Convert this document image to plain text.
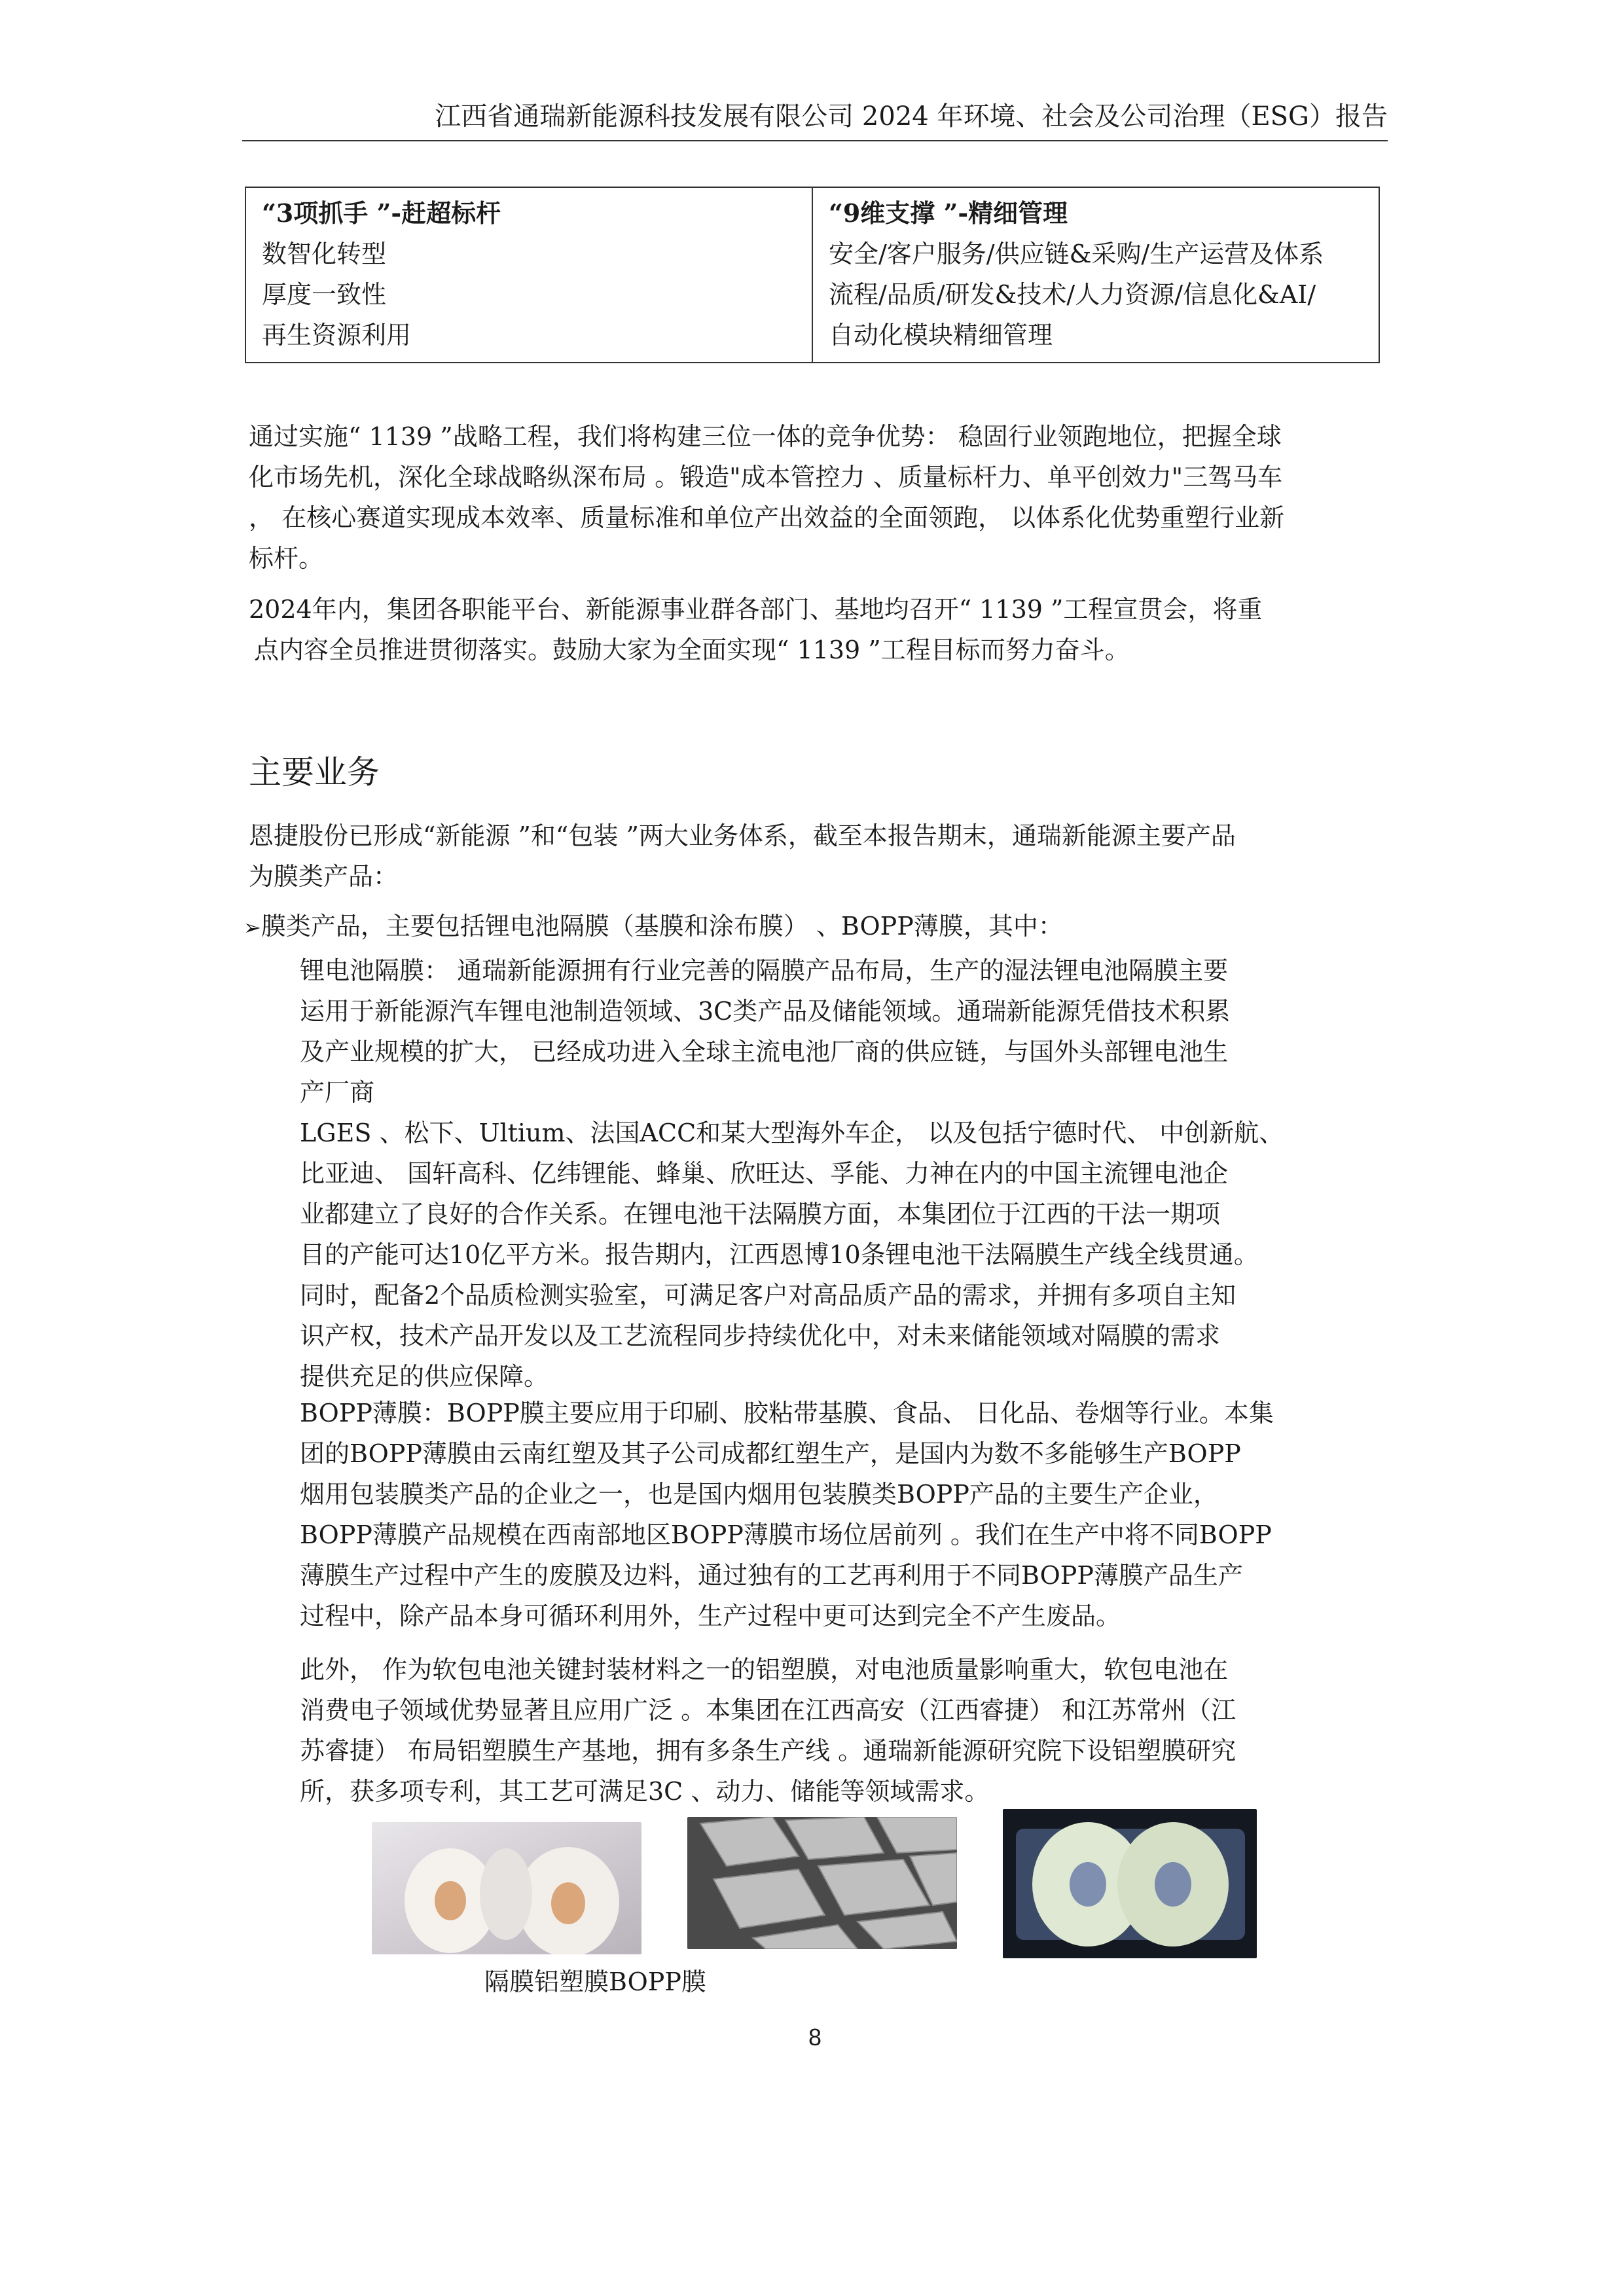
江西省通瑞新能源科技发展有限公司 2024 年环境、社会及公司治理（ESG）报告
“3项抓手 ”-赶超标杆
数智化转型
厚度一致性
再生资源利用

“9维支撑 ”-精细管理
安全/客户服务/供应链&采购/生产运营及体系
流程/品质/研发&技术/人力资源/信息化&AI/
自动化模块精细管理
通过实施“ 1139 ”战略工程，我们将构建三位一体的竞争优势： 稳固行业领跑地位，把握全球
化市场先机，深化全球战略纵深布局 。锻造"成本管控力 、质量标杆力、单平创效力"三驾马车
， 在核心赛道实现成本效率、质量标准和单位产出效益的全面领跑， 以体系化优势重塑行业新
标杆。
2024年内，集团各职能平台、新能源事业群各部门、基地均召开“ 1139 ”工程宣贯会，将重
点内容全员推进贯彻落实。鼓励大家为全面实现“ 1139 ”工程目标而努力奋斗。
主要业务
恩捷股份已形成“新能源 ”和“包装 ”两大业务体系，截至本报告期末，通瑞新能源主要产品
为膜类产品：
➢膜类产品，主要包括锂电池隔膜（基膜和涂布膜） 、BOPP薄膜，其中：
锂电池隔膜： 通瑞新能源拥有行业完善的隔膜产品布局，生产的湿法锂电池隔膜主要
运用于新能源汽车锂电池制造领域、3C类产品及储能领域。通瑞新能源凭借技术积累
及产业规模的扩大， 已经成功进入全球主流电池厂商的供应链，与国外头部锂电池生
产厂商
LGES 、松下、Ultium、法国ACC和某大型海外车企， 以及包括宁德时代、 中创新航、
比亚迪、 国轩高科、亿纬锂能、蜂巢、欣旺达、孚能、力神在内的中国主流锂电池企
业都建立了良好的合作关系。在锂电池干法隔膜方面，本集团位于江西的干法一期项
目的产能可达10亿平方米。报告期内，江西恩博10条锂电池干法隔膜生产线全线贯通。
同时，配备2个品质检测实验室，可满足客户对高品质产品的需求，并拥有多项自主知
识产权，技术产品开发以及工艺流程同步持续优化中，对未来储能领域对隔膜的需求
提供充足的供应保障。
BOPP薄膜：BOPP膜主要应用于印刷、胶粘带基膜、食品、 日化品、卷烟等行业。本集
团的BOPP薄膜由云南红塑及其子公司成都红塑生产，是国内为数不多能够生产BOPP
烟用包装膜类产品的企业之一，也是国内烟用包装膜类BOPP产品的主要生产企业，
BOPP薄膜产品规模在西南部地区BOPP薄膜市场位居前列 。我们在生产中将不同BOPP
薄膜生产过程中产生的废膜及边料，通过独有的工艺再利用于不同BOPP薄膜产品生产
过程中，除产品本身可循环利用外，生产过程中更可达到完全不产生废品。
此外， 作为软包电池关键封装材料之一的铝塑膜，对电池质量影响重大，软包电池在
消费电子领域优势显著且应用广泛 。本集团在江西高安（江西睿捷） 和江苏常州（江
苏睿捷） 布局铝塑膜生产基地，拥有多条生产线 。通瑞新能源研究院下设铝塑膜研究
所，获多项专利，其工艺可满足3C 、动力、储能等领域需求。
隔膜铝塑膜BOPP膜
8
